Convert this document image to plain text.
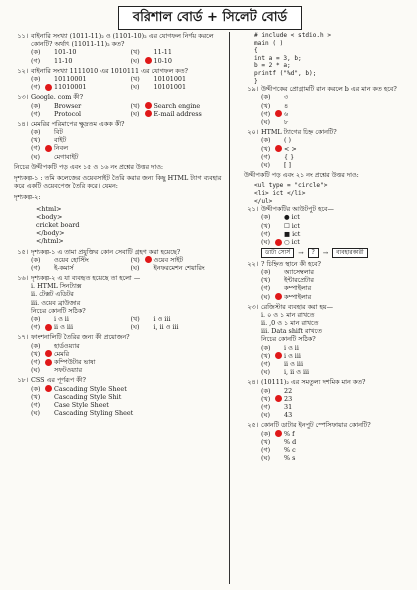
বরিশাল বোর্ড + সিলেট বোর্ড
১১। বাইনারি সংখ্যা (1011-11)₂ ও (1101-10)₂ এর যোগফল নির্ণয় করলে কোনটি? অর্থাৎ (11011-11)₂ কত?
(ক)	101-10	(খ)	11-11
(গ)	11-10	(ঘ)	10-10
১২। বাইনারি সংখ্যা 1111010 এর 1010111 এর যোগফল কত?
(ক)	10110001	(খ)	10101001
(গ)	11010001	(ঘ)	10101001
১৩। Google. com কী?
(ক)	Browser	(খ)	Search engine
(গ)	Protocol	(ঘ)	E-mail address
১৪। মেমরির পরিমাপের ক্ষুদ্রতম একক কী?
(ক)	বিট
(খ)	বাইট
(গ)	নিবল
(ঘ)	মেগাবাইট
নিচের উদ্দীপকটি পড় এবং ১৫ ও ১৬ নং প্রশ্নের উত্তর দাও:
দৃশ্যকল্প-১ : তমি কলেজের ওয়েবসাইট তৈরি করার জন্য কিছু HTML ট্যাগ ব্যবহার করে একটি ওয়েবপেজ তৈরি করে। যেমন:
দৃশ্যকল্প-২:
<html>
<body>
cricket board
</body>
</html>
১৫। দৃশ্যকল্প-১ এ তামা প্রযুক্তির কোন সেবাটি গ্রহণ করা হয়েছে?
(ক)	ওয়েব হোস্টিং	(খ)	ওয়েব সাইট
(গ)	ই-কমার্স	(ঘ)	ইনফরমেশন শেয়ারিং
১৬। দৃশ্যকল্প-২ এ যা ব্যবহৃত হয়েছে তা হলো —
i. HTML সিনট্যাক্স
ii. টেক্সট এডিটর
iii. ওয়েব ব্রাউজার
নিচের কোনটি সঠিক?
(ক)	i ও ii	(খ)	i ও iii
(গ)	ii ও iii	(ঘ)	i, ii ও iii
১৭। ফাংশনালিটি তৈরির জন্য কী প্রয়োজন?
(ক)	হার্ডওয়্যার
(খ)	মেমরি
(গ)	কম্পিউটার ভাষা
(ঘ)	সফটওয়্যার
১৮। CSS এর পূর্ণরূপ কী?
(ক)	Cascading Style Sheet
(খ)	Cascading Style Shit
(গ)	Case Style Sheet
(ঘ)	Cascading Styling Sheet
# include < stdio.h >
main ( )
{
int a = 3, b;
b = 2 * a;
printf ("%d", b);
}
১৯। উদ্দীপকের প্রোগ্রামটি রান করলে b এর মান কত হবে?
(ক)	৩
(খ)	৪
(গ)	৬
(ঘ)	৮
২০। HTML ট্যাগের চিহ্ন কোনটি?
(ক)	( )
(খ)	< >
(গ)	{ }
(ঘ)	[ ]
উদ্দীপকটি পড় এবং ২১ নং প্রশ্নের উত্তর দাও:
<ul type = "circle">
<li> ict </li>
</ul>
২১। উদ্দীপকটির আউটপুট হবে—
(ক)	● ict
(খ)	☐ ict
(গ)	■ ict
(ঘ)	○ ict
ডাটা সোর্স	→	?	→	ব্যবহারকারী
২২। ? চিহ্নিত স্থানে কী হবে?
(ক)	অ্যাসেম্বলার
(খ)	ইন্টারপ্রেটার
(গ)	কম্পাইলার
(ঘ)	কম্পাইলার
২৩। রেজিস্টার ব্যবহার করা হয়—
i. ০ ও ১ মান রাখতে
ii. ,0 ও ১ মান রাখতে
iii. Data shift রাখতে
নিচের কোনটি সঠিক?
(ক)	i ও ii
(খ)	i ও iii
(গ)	ii ও iii
(ঘ)	i, ii ও iii
২৪। (10111)₂ এর সমতুল্য দশমিক মান কত?
(ক)	22
(খ)	23
(গ)	31
(ঘ)	43
২৫। কোনটি ডাটার ইনপুট স্পেসিফায়ার কোনটি?
(ক)	% f
(খ)	% d
(গ)	% c
(ঘ)	% s
